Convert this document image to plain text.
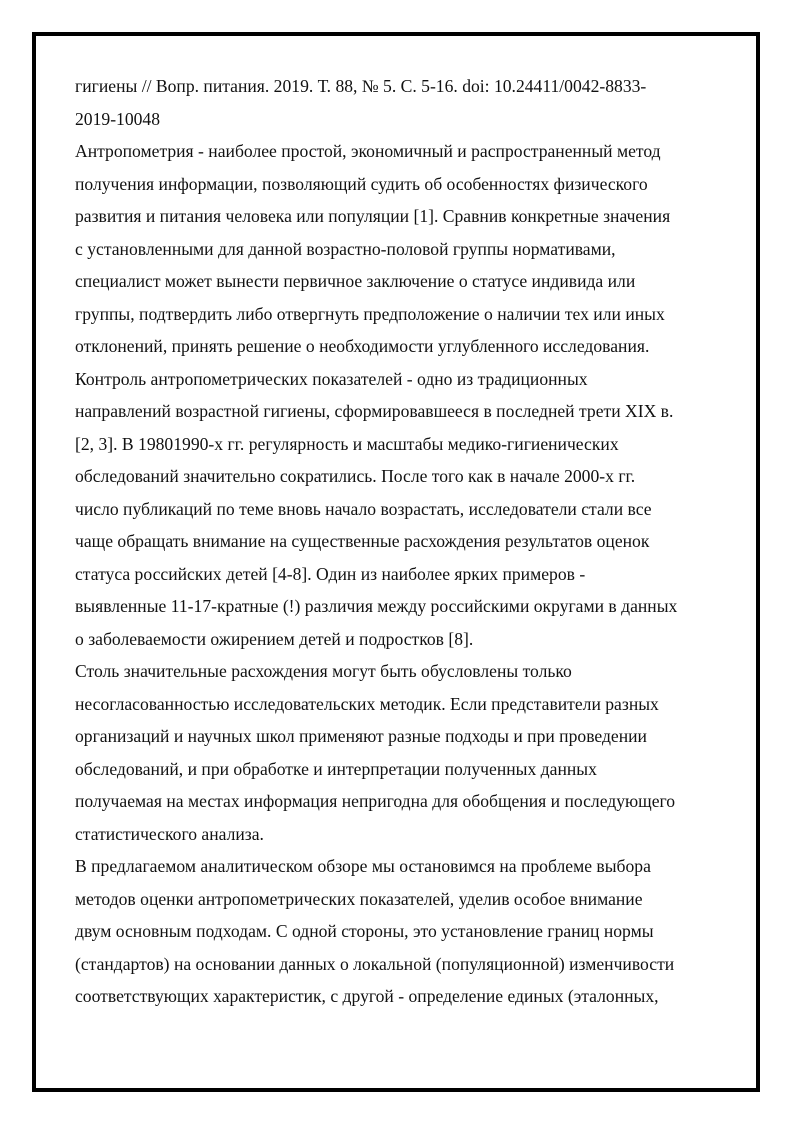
гигиены // Вопр. питания. 2019. Т. 88, № 5. С. 5-16. doi: 10.24411/0042-8833-
2019-10048

Антропометрия - наиболее простой, экономичный и распространенный метод
получения информации, позволяющий судить об особенностях физического
развития и питания человека или популяции [1]. Сравнив конкретные значения
с установленными для данной возрастно-половой группы нормативами,
специалист может вынести первичное заключение о статусе индивида или
группы, подтвердить либо отвергнуть предположение о наличии тех или иных
отклонений, принять решение о необходимости углубленного исследования.

Контроль антропометрических показателей - одно из традиционных
направлений возрастной гигиены, сформировавшееся в последней трети XIX в.
[2, 3]. В 19801990-х гг. регулярность и масштабы медико-гигиенических
обследований значительно сократились. После того как в начале 2000-х гг.
число публикаций по теме вновь начало возрастать, исследователи стали все
чаще обращать внимание на существенные расхождения результатов оценок
статуса российских детей [4-8]. Один из наиболее ярких примеров -
выявленные 11-17-кратные (!) различия между российскими округами в данных
о заболеваемости ожирением детей и подростков [8].

Столь значительные расхождения могут быть обусловлены только
несогласованностью исследовательских методик. Если представители разных
организаций и научных школ применяют разные подходы и при проведении
обследований, и при обработке и интерпретации полученных данных
получаемая на местах информация непригодна для обобщения и последующего
статистического анализа.

В предлагаемом аналитическом обзоре мы остановимся на проблеме выбора
методов оценки антропометрических показателей, уделив особое внимание
двум основным подходам. С одной стороны, это установление границ нормы
(стандартов) на основании данных о локальной (популяционной) изменчивости
соответствующих характеристик, с другой - определение единых (эталонных,
